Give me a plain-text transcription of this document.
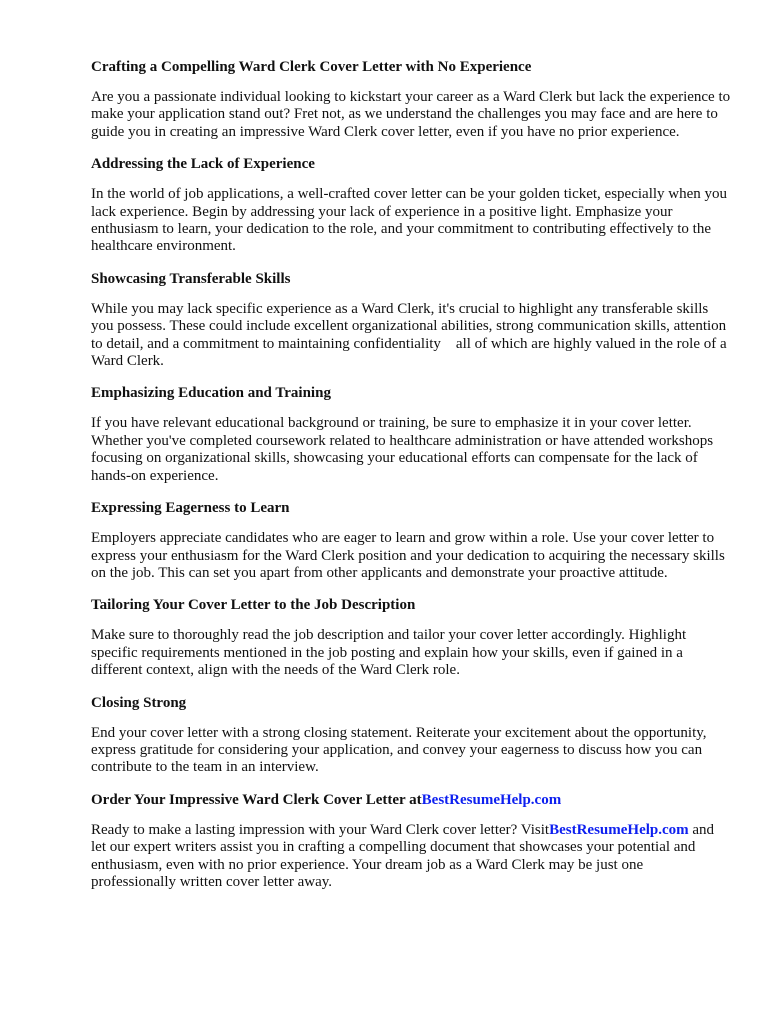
Crafting a Compelling Ward Clerk Cover Letter with No Experience

Are you a passionate individual looking to kickstart your career as a Ward Clerk but lack the experience to make your application stand out? Fret not, as we understand the challenges you may face and are here to guide you in creating an impressive Ward Clerk cover letter, even if you have no prior experience.

Addressing the Lack of Experience

In the world of job applications, a well-crafted cover letter can be your golden ticket, especially when you lack experience. Begin by addressing your lack of experience in a positive light. Emphasize your enthusiasm to learn, your dedication to the role, and your commitment to contributing effectively to the healthcare environment.

Showcasing Transferable Skills

While you may lack specific experience as a Ward Clerk, it's crucial to highlight any transferable skills you possess. These could include excellent organizational abilities, strong communication skills, attention to detail, and a commitment to maintaining confidentiality    all of which are highly valued in the role of a Ward Clerk.

Emphasizing Education and Training

If you have relevant educational background or training, be sure to emphasize it in your cover letter. Whether you've completed coursework related to healthcare administration or have attended workshops focusing on organizational skills, showcasing your educational efforts can compensate for the lack of hands-on experience.

Expressing Eagerness to Learn

Employers appreciate candidates who are eager to learn and grow within a role. Use your cover letter to express your enthusiasm for the Ward Clerk position and your dedication to acquiring the necessary skills on the job. This can set you apart from other applicants and demonstrate your proactive attitude.

Tailoring Your Cover Letter to the Job Description

Make sure to thoroughly read the job description and tailor your cover letter accordingly. Highlight specific requirements mentioned in the job posting and explain how your skills, even if gained in a different context, align with the needs of the Ward Clerk role.

Closing Strong

End your cover letter with a strong closing statement. Reiterate your excitement about the opportunity, express gratitude for considering your application, and convey your eagerness to discuss how you can contribute to the team in an interview.

Order Your Impressive Ward Clerk Cover Letter atBestResumeHelp.com

Ready to make a lasting impression with your Ward Clerk cover letter? VisitBestResumeHelp.com and let our expert writers assist you in crafting a compelling document that showcases your potential and enthusiasm, even with no prior experience. Your dream job as a Ward Clerk may be just one professionally written cover letter away.
